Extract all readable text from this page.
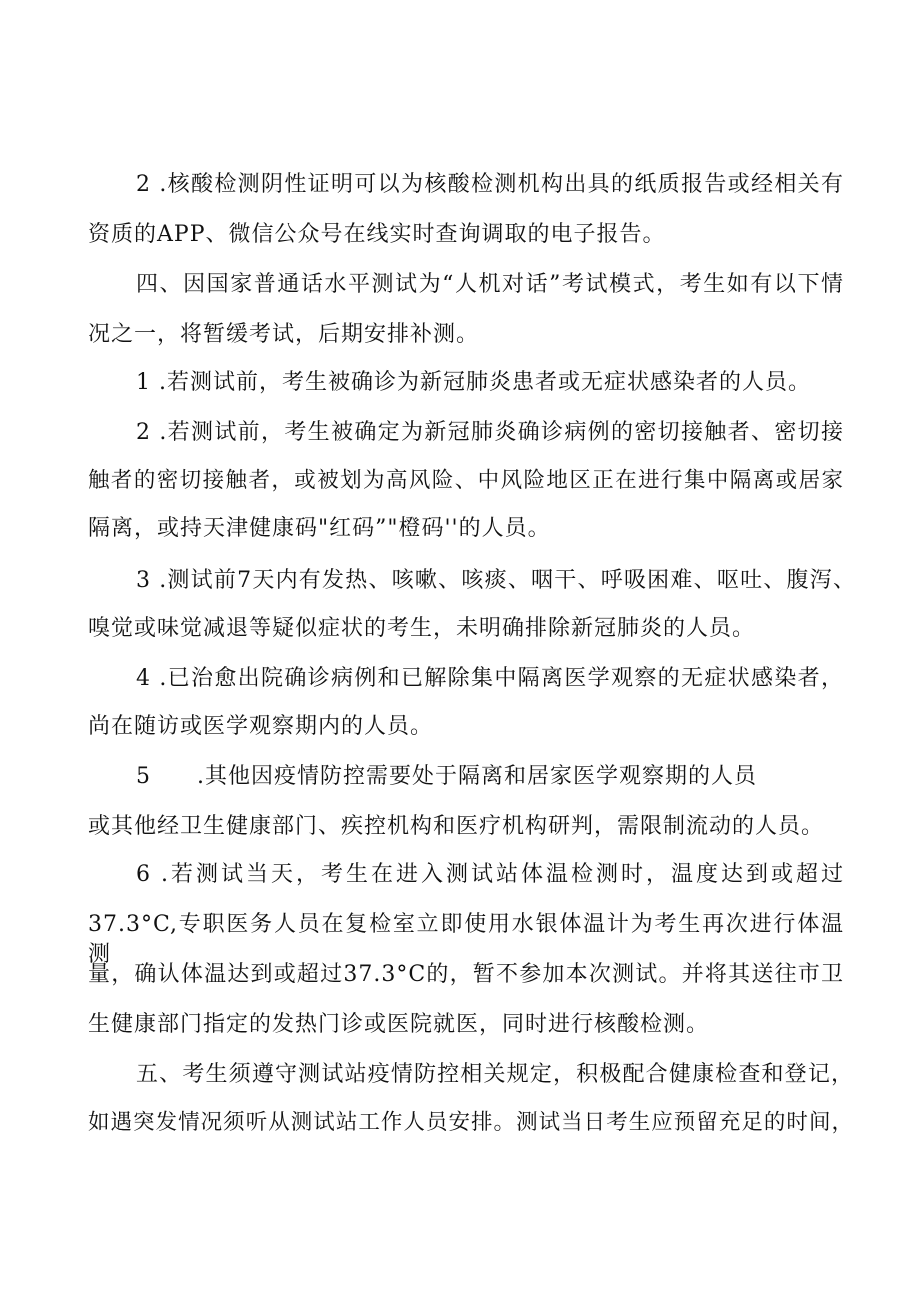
2 .核酸检测阴性证明可以为核酸检测机构出具的纸质报告或经相关有
资质的APP、微信公众号在线实时查询调取的电子报告。
四、因国家普通话水平测试为“人机对话”考试模式，考生如有以下情
况之一，将暂缓考试，后期安排补测。
1 .若测试前，考生被确诊为新冠肺炎患者或无症状感染者的人员。
2 .若测试前，考生被确定为新冠肺炎确诊病例的密切接触者、密切接
触者的密切接触者，或被划为高风险、中风险地区正在进行集中隔离或居家
隔离，或持天津健康码"红码”"橙码''的人员。
3 .测试前7天内有发热、咳嗽、咳痰、咽干、呼吸困难、呕吐、腹泻、
嗅觉或味觉减退等疑似症状的考生，未明确排除新冠肺炎的人员。
4 .已治愈出院确诊病例和已解除集中隔离医学观察的无症状感染者，
尚在随访或医学观察期内的人员。
5　　.其他因疫情防控需要处于隔离和居家医学观察期的人员
或其他经卫生健康部门、疾控机构和医疗机构研判，需限制流动的人员。
6 .若测试当天，考生在进入测试站体温检测时，温度达到或超过
37.3°C,专职医务人员在复检室立即使用水银体温计为考生再次进行体温测
量，确认体温达到或超过37.3°C的，暂不参加本次测试。并将其送往市卫
生健康部门指定的发热门诊或医院就医，同时进行核酸检测。
五、考生须遵守测试站疫情防控相关规定，积极配合健康检查和登记，
如遇突发情况须听从测试站工作人员安排。测试当日考生应预留充足的时间，
